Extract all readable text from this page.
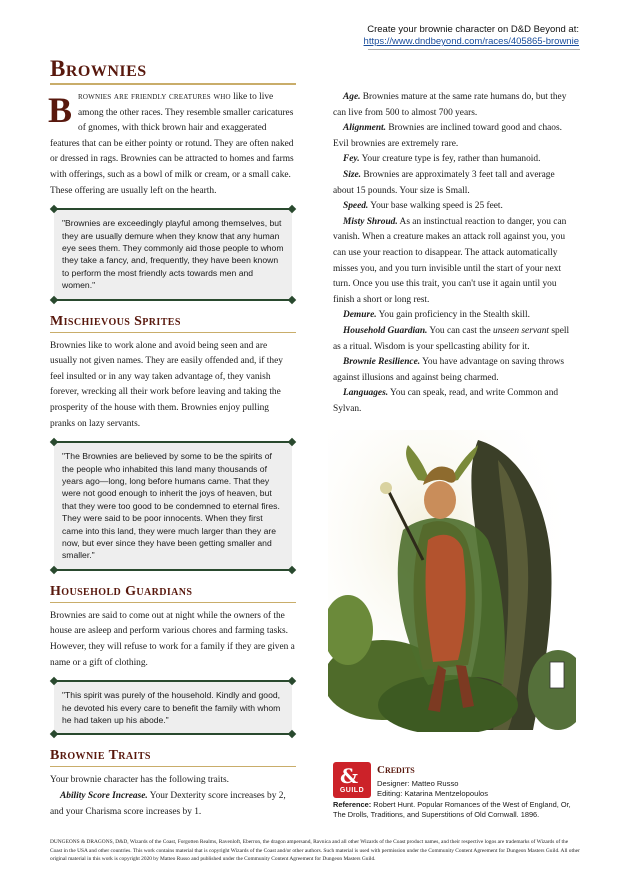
Create your brownie character on D&D Beyond at:
https://www.dndbeyond.com/races/405865-brownie
Brownies
B rownies are friendly creatures who like to live among the other races. They resemble smaller caricatures of gnomes, with thick brown hair and exaggerated features that can be either pointy or rotund. They are often naked or dressed in rags. Brownies can be attracted to homes and farms with offerings, such as a bowl of milk or cream, or a small cake. These offering are usually left on the hearth.

"Brownies are exceedingly playful among themselves, but they are usually demure when they know that any human eye sees them. They commonly aid those people to whom they take a fancy, and, frequently, they have been known to perform the most friendly acts towards men and women."

Mischievous Sprites

Brownies like to work alone and avoid being seen and are usually not given names. They are easily offended and, if they feel insulted or in any way taken advantage of, they vanish forever, wrecking all their work before leaving and taking the prosperity of the house with them. Brownies enjoy pulling pranks on lazy servants.

"The Brownies are believed by some to be the spirits of the people who inhabited this land many thousands of years ago—long, long before humans came. That they were not good enough to inherit the joys of heaven, but that they were too good to be condemned to eternal fires. They were said to be poor innocents. When they first came into this land, they were much larger than they are now, but ever since they have been getting smaller and smaller."

Household Guardians

Brownies are said to come out at night while the owners of the house are asleep and perform various chores and farming tasks. However, they will refuse to work for a family if they are given a name or a gift of clothing.

"This spirit was purely of the household. Kindly and good, he devoted his every care to benefit the family with whom he had taken up his abode."

Brownie Traits

Your brownie character has the following traits.

Ability Score Increase. Your Dexterity score increases by 2, and your Charisma score increases by 1.

Age. Brownies mature at the same rate humans do, but they can live from 500 to almost 700 years.

Alignment. Brownies are inclined toward good and chaos. Evil brownies are extremely rare.

Fey. Your creature type is fey, rather than humanoid.

Size. Brownies are approximately 3 feet tall and average about 15 pounds. Your size is Small.

Speed. Your base walking speed is 25 feet.

Misty Shroud. As an instinctual reaction to danger, you can vanish. When a creature makes an attack roll against you, you can use your reaction to disappear. The attack automatically misses you, and you turn invisible until the start of your next turn. Once you use this trait, you can't use it again until you finish a short or long rest.

Demure. You gain proficiency in the Stealth skill.

Household Guardian. You can cast the unseen servant spell as a ritual. Wisdom is your spellcasting ability for it.

Brownie Resilience. You have advantage on saving throws against illusions and against being charmed.

Languages. You can speak, read, and write Common and Sylvan.

&
GUILD
Credits
Designer: Matteo Russo
Editing: Katarina Mentzelopoulos
Reference: Robert Hunt. Popular Romances of the West of England, Or, The Drolls, Traditions, and Superstitions of Old Cornwall. 1896.
DUNGEONS & DRAGONS, D&D, Wizards of the Coast, Forgotten Realms, Ravenloft, Eberron, the dragon ampersand, Ravnica and all other Wizards of the Coast product names, and their respective logos are trademarks of Wizards of the Coast in the USA and other countries. This work contains material that is copyright Wizards of the Coast and/or other authors. Such material is used with permission under the Community Content Agreement for Dungeon Masters Guild. All other original material in this work is copyright 2020 by Matteo Russo and published under the Community Content Agreement for Dungeon Masters Guild.
